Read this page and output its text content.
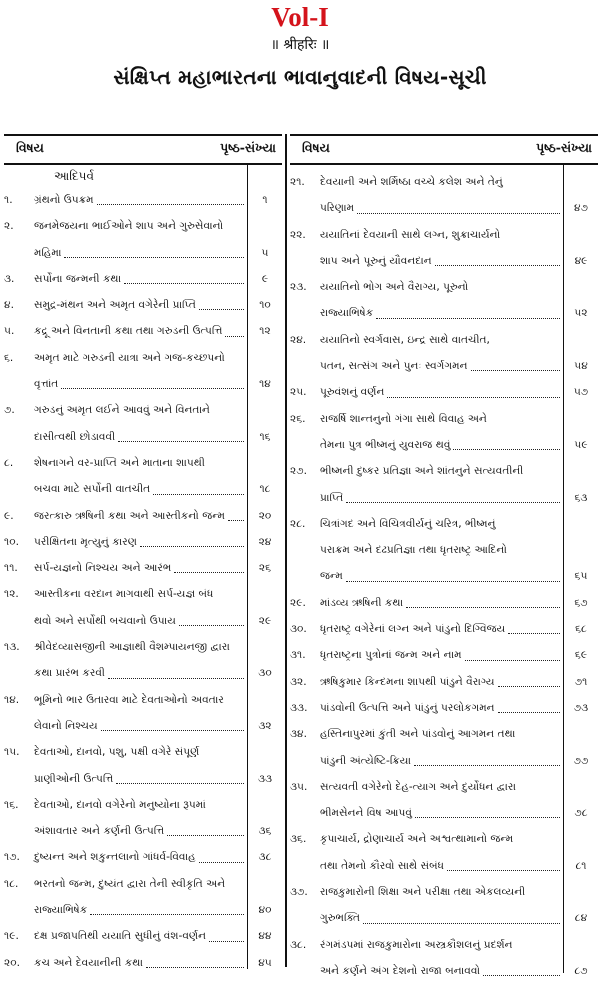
Vol-I
॥ श्रीहरिः ॥
સંક્ષિપ્ત મહાભારતના ભાવાનુવાદની વિષય-સૂચી
વિષય	પૃષ્ઠ-સંખ્યા
આદિપર્વ
૧.	ગ્રંથનો ઉપક્રમ	૧
૨.	જનમેજયના ભાઈઓને શાપ અને ગુરુસેવાનો
મહિમા	૫
૩.	સર્પોના જન્મની કથા	૯
૪.	સમુદ્ર-મંથન અને અમૃત વગેરેની પ્રાપ્તિ	૧૦
૫.	કદ્રૂ અને વિનતાની કથા તથા ગરુડની ઉત્પત્તિ	૧૨
૬.	અમૃત માટે ગરુડની યાત્રા અને ગજ-કચ્છપનો
વૃત્તાંત	૧૪
૭.	ગરુડનું અમૃત લઈને આવવું અને વિનતાને
દાસીત્વથી છોડાવવી	૧૬
૮.	શેષનાગને વર-પ્રાપ્તિ અને માતાના શાપથી
બચવા માટે સર્પોની વાતચીત	૧૮
૯.	જરત્કારુ ઋષિની કથા અને આસ્તીકનો જન્મ	૨૦
૧૦.	પરીક્ષિતના મૃત્યુનું કારણ	૨૪
૧૧.	સર્પ-યજ્ઞનો નિશ્ચય અને આરંભ	૨૬
૧૨.	આસ્તીકના વરદાન માગવાથી સર્પ-યજ્ઞ બંધ
થવો અને સર્પોથી બચવાનો ઉપાય	૨૯
૧૩.	શ્રીવેદવ્યાસજીની આજ્ઞાથી વૈશમ્પાયનજી દ્વારા
કથા પ્રારંભ કરવી	૩૦
૧૪.	ભૂમિનો ભાર ઉતારવા માટે દેવતાઓનો અવતાર
લેવાનો નિશ્ચય	૩૨
૧૫.	દેવતાઓ, દાનવો, પશુ, પક્ષી વગેરે સંપૂર્ણ
પ્રાણીઓની ઉત્પત્તિ	૩૩
૧૬.	દેવતાઓ, દાનવો વગેરેનો મનુષ્યોના રૂપમાં
અંશાવતાર અને કર્ણની ઉત્પત્તિ	૩૬
૧૭.	દુષ્યન્ત અને શકુન્તલાનો ગાંધર્વ-વિવાહ	૩૮
૧૮.	ભરતનો જન્મ, દુષ્યંત દ્વારા તેની સ્વીકૃતિ અને
રાજ્યાભિષેક	૪૦
૧૯.	દક્ષ પ્રજાપતિથી યયાતિ સુધીનું વંશ-વર્ણન	૪૪
૨૦.	કચ અને દેવયાનીની કથા	૪૫
વિષય	પૃષ્ઠ-સંખ્યા
૨૧.	દેવયાની અને શર્મિષ્ઠા વચ્ચે કલેશ અને તેનું
પરિણામ	૪૭
૨૨.	યયાતિનાં દેવયાની સાથે લગ્ન, શુક્રાચાર્યનો
શાપ અને પૂરુનું યૌવનદાન	૪૯
૨૩.	યયાતિનો ભોગ અને વૈરાગ્ય, પૂરુનો
રાજ્યાભિષેક	૫૨
૨૪.	યયાતિનો સ્વર્ગવાસ, ઇન્દ્ર સાથે વાતચીત,
પતન, સત્સંગ અને પુનઃ સ્વર્ગગમન	૫૪
૨૫.	પૂરુવંશનું વર્ણન	૫૭
૨૬.	રાજર્ષિ શાન્તનુનો ગંગા સાથે વિવાહ અને
તેમના પુત્ર ભીષ્મનું યુવરાજ થવું	૫૯
૨૭.	ભીષ્મની દુષ્કર પ્રતિજ્ઞા અને શાંતનુને સત્યવતીની
પ્રાપ્તિ	૬૩
૨૮.	ચિત્રાંગદ અને વિચિત્રવીર્યનું ચરિત્ર, ભીષ્મનું
પરાક્રમ અને દઢપ્રતિજ્ઞા તથા ધૃતરાષ્ટ્ર આદિનો
જન્મ	૬૫
૨૯.	માંડવ્ય ઋષિની કથા	૬૭
૩૦.	ધૃતરાષ્ટ્ર વગેરેનાં લગ્ન અને પાંડુનો દિગ્વિજય	૬૮
૩૧.	ધૃતરાષ્ટ્રના પુત્રોનાં જન્મ અને નામ	૬૯
૩૨.	ઋષિકુમાર કિન્દમના શાપથી પાંડુને વૈરાગ્ય	૭૧
૩૩.	પાંડવોની ઉત્પત્તિ અને પાંડુનું પરલોકગમન	૭૩
૩૪.	હસ્તિનાપુરમાં કુંતી અને પાંડવોનું આગમન તથા
પાંડુની અંત્યેષ્ટિ-ક્રિયા	૭૭
૩૫.	સત્યવતી વગેરેનો દેહ-ત્યાગ અને દુર્યોધન દ્વારા
ભીમસેનને વિષ આપવું	૭૮
૩૬.	કૃપાચાર્ય, દ્રોણાચાર્ય અને અશ્વત્થામાનો જન્મ
તથા તેમનો કૌરવો સાથે સંબંધ	૮૧
૩૭.	રાજકુમારોની શિક્ષા અને પરીક્ષા તથા એકલવ્યની
ગુરુભક્તિ	૮૪
૩૮.	રંગમંડપમાં રાજકુમારોના અસ્ત્રકૌશલનું પ્રદર્શન
અને કર્ણને અંગ દેશનો રાજા બનાવવો	૮૭
